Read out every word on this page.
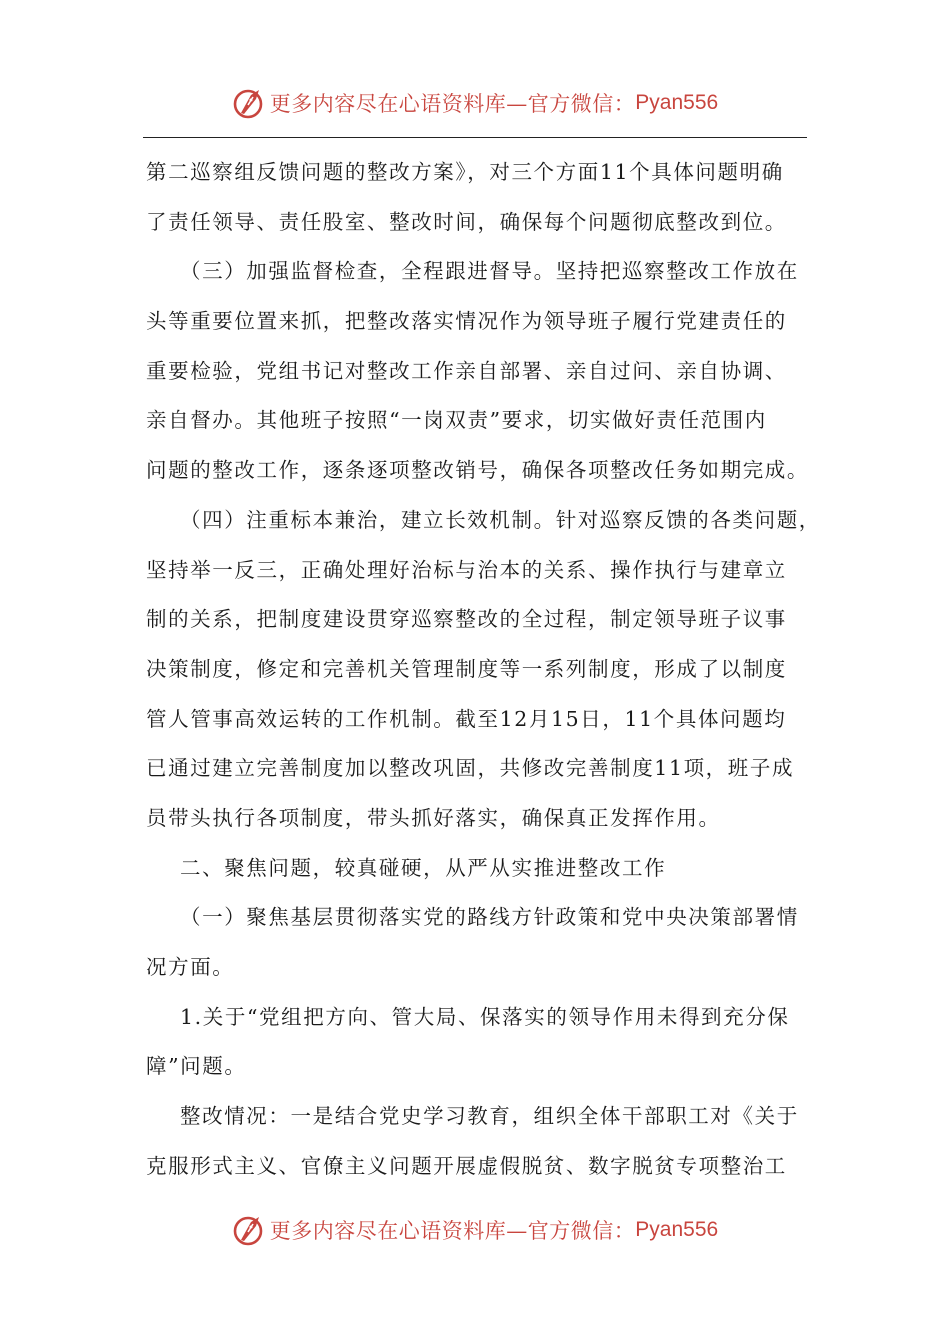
更多内容尽在心语资料库—官方微信： Pyan556
第二巡察组反馈问题的整改方案》，对三个方面11个具体问题明确
了责任领导、责任股室、整改时间，确保每个问题彻底整改到位。
（三）加强监督检查，全程跟进督导。坚持把巡察整改工作放在
头等重要位置来抓，把整改落实情况作为领导班子履行党建责任的
重要检验，党组书记对整改工作亲自部署、亲自过问、亲自协调、
亲自督办。其他班子按照“一岗双责”要求，切实做好责任范围内
问题的整改工作，逐条逐项整改销号，确保各项整改任务如期完成。
（四）注重标本兼治，建立长效机制。针对巡察反馈的各类问题，
坚持举一反三，正确处理好治标与治本的关系、操作执行与建章立
制的关系，把制度建设贯穿巡察整改的全过程，制定领导班子议事
决策制度，修定和完善机关管理制度等一系列制度，形成了以制度
管人管事高效运转的工作机制。截至12月15日，11个具体问题均
已通过建立完善制度加以整改巩固，共修改完善制度11项，班子成
员带头执行各项制度，带头抓好落实，确保真正发挥作用。
二、聚焦问题，较真碰硬，从严从实推进整改工作
（一）聚焦基层贯彻落实党的路线方针政策和党中央决策部署情
况方面。
1.关于“党组把方向、管大局、保落实的领导作用未得到充分保
障”问题。
整改情况：一是结合党史学习教育，组织全体干部职工对《关于
克服形式主义、官僚主义问题开展虚假脱贫、数字脱贫专项整治工
更多内容尽在心语资料库—官方微信： Pyan556
